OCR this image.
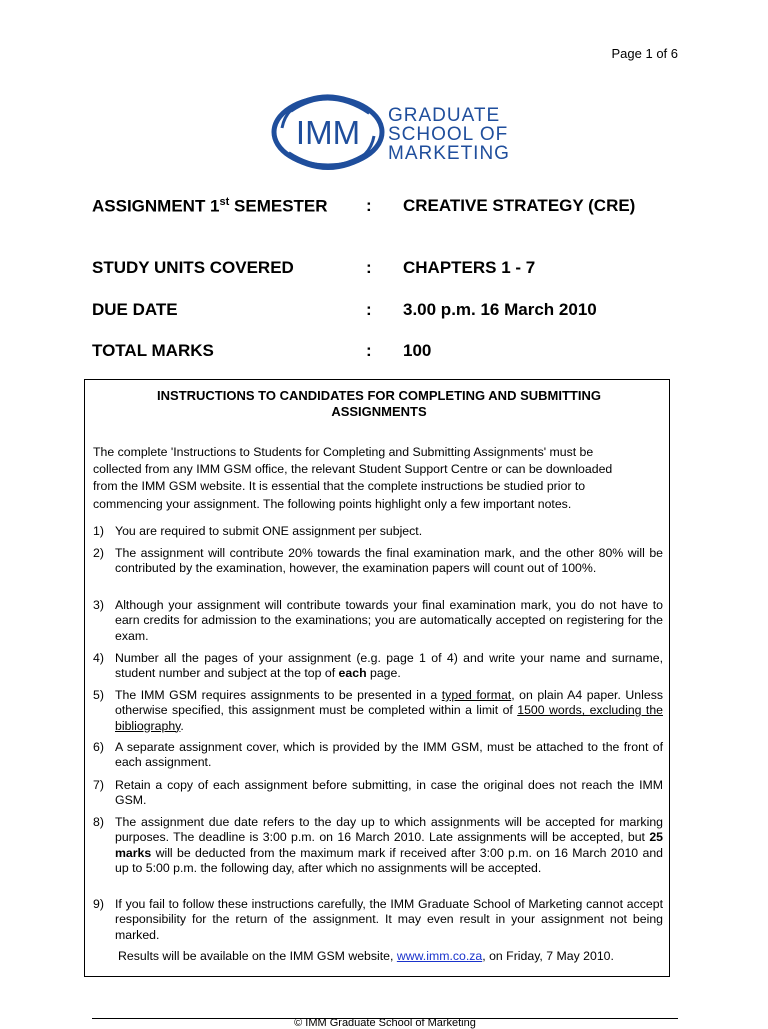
Page 1 of 6
IMM GRADUATE
SCHOOL OF
MARKETING
ASSIGNMENT 1st SEMESTER : CREATIVE STRATEGY (CRE)
STUDY UNITS COVERED	: CHAPTERS 1 - 7
DUE DATE	: 3.00 p.m. 16 March 2010
TOTAL MARKS	: 100
INSTRUCTIONS TO CANDIDATES FOR COMPLETING AND SUBMITTING
ASSIGNMENTS
The complete 'Instructions to Students for Completing and Submitting Assignments' must be
collected from any IMM GSM office, the relevant Student Support Centre or can be downloaded
from the IMM GSM website. It is essential that the complete instructions be studied prior to
commencing your assignment. The following points highlight only a few important notes.
1) You are required to submit ONE assignment per subject.
2) The assignment will contribute 20% towards the final examination mark, and the other 80% will be contributed by the examination, however, the examination papers will count out of 100%.
3) Although your assignment will contribute towards your final examination mark, you do not have to earn credits for admission to the examinations; you are automatically accepted on registering for the exam.
4) Number all the pages of your assignment (e.g. page 1 of 4) and write your name and surname, student number and subject at the top of each page.
5) The IMM GSM requires assignments to be presented in a typed format, on plain A4 paper. Unless otherwise specified, this assignment must be completed within a limit of 1500 words, excluding the bibliography.
6) A separate assignment cover, which is provided by the IMM GSM, must be attached to the front of each assignment.
7) Retain a copy of each assignment before submitting, in case the original does not reach the IMM GSM.
8) The assignment due date refers to the day up to which assignments will be accepted for marking purposes. The deadline is 3:00 p.m. on 16 March 2010. Late assignments will be accepted, but 25 marks will be deducted from the maximum mark if received after 3:00 p.m. on 16 March 2010 and up to 5:00 p.m. the following day, after which no assignments will be accepted.
9) If you fail to follow these instructions carefully, the IMM Graduate School of Marketing cannot accept responsibility for the return of the assignment. It may even result in your assignment not being marked.
Results will be available on the IMM GSM website, www.imm.co.za, on Friday, 7 May 2010.
© IMM Graduate School of Marketing
